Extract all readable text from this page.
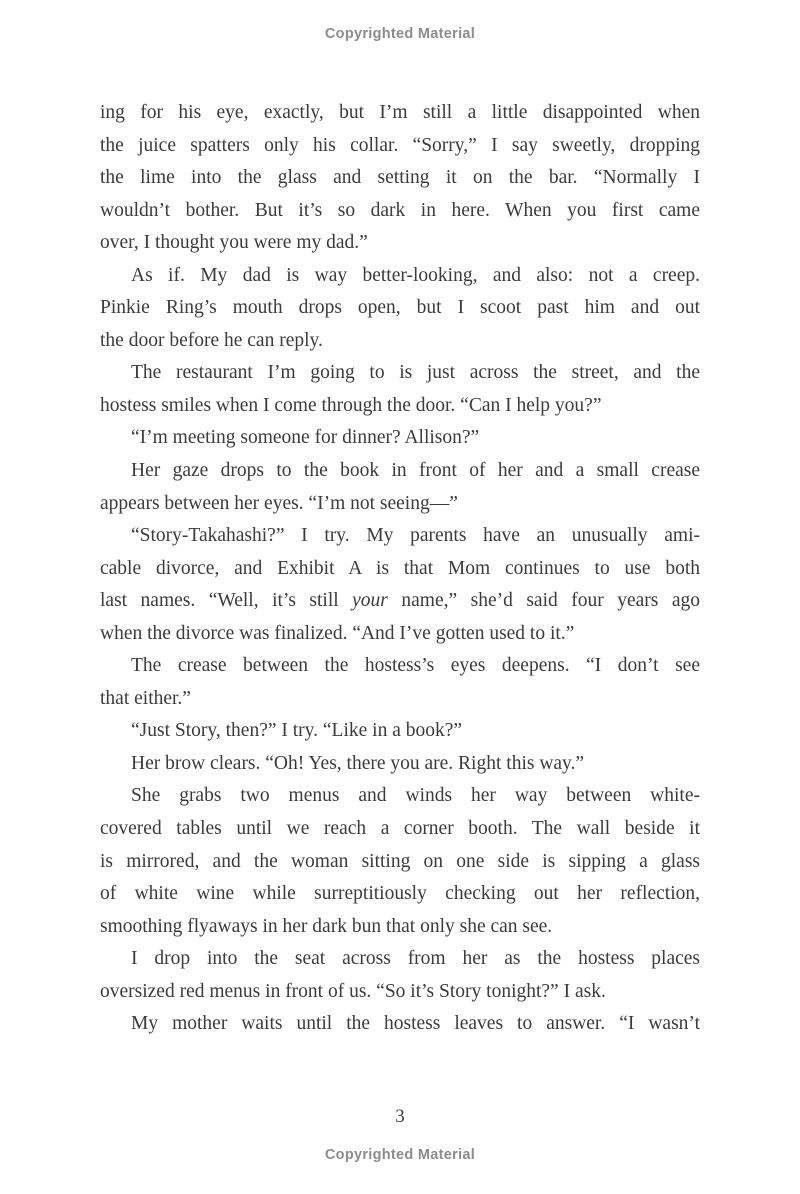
Copyrighted Material
ing for his eye, exactly, but I’m still a little disappointed when
the juice spatters only his collar. “Sorry,” I say sweetly, dropping
the lime into the glass and setting it on the bar. “Normally I
wouldn’t bother. But it’s so dark in here. When you first came
over, I thought you were my dad.”
As if. My dad is way better-looking, and also: not a creep.
Pinkie Ring’s mouth drops open, but I scoot past him and out
the door before he can reply.
The restaurant I’m going to is just across the street, and the
hostess smiles when I come through the door. “Can I help you?”
“I’m meeting someone for dinner? Allison?”
Her gaze drops to the book in front of her and a small crease
appears between her eyes. “I’m not seeing—”
“Story-Takahashi?” I try. My parents have an unusually ami-
cable divorce, and Exhibit A is that Mom continues to use both
last names. “Well, it’s still your name,” she’d said four years ago
when the divorce was finalized. “And I’ve gotten used to it.”
The crease between the hostess’s eyes deepens. “I don’t see
that either.”
“Just Story, then?” I try. “Like in a book?”
Her brow clears. “Oh! Yes, there you are. Right this way.”
She grabs two menus and winds her way between white-
covered tables until we reach a corner booth. The wall beside it
is mirrored, and the woman sitting on one side is sipping a glass
of white wine while surreptitiously checking out her reflection,
smoothing flyaways in her dark bun that only she can see.
I drop into the seat across from her as the hostess places
oversized red menus in front of us. “So it’s Story tonight?” I ask.
My mother waits until the hostess leaves to answer. “I wasn’t
3
Copyrighted Material
